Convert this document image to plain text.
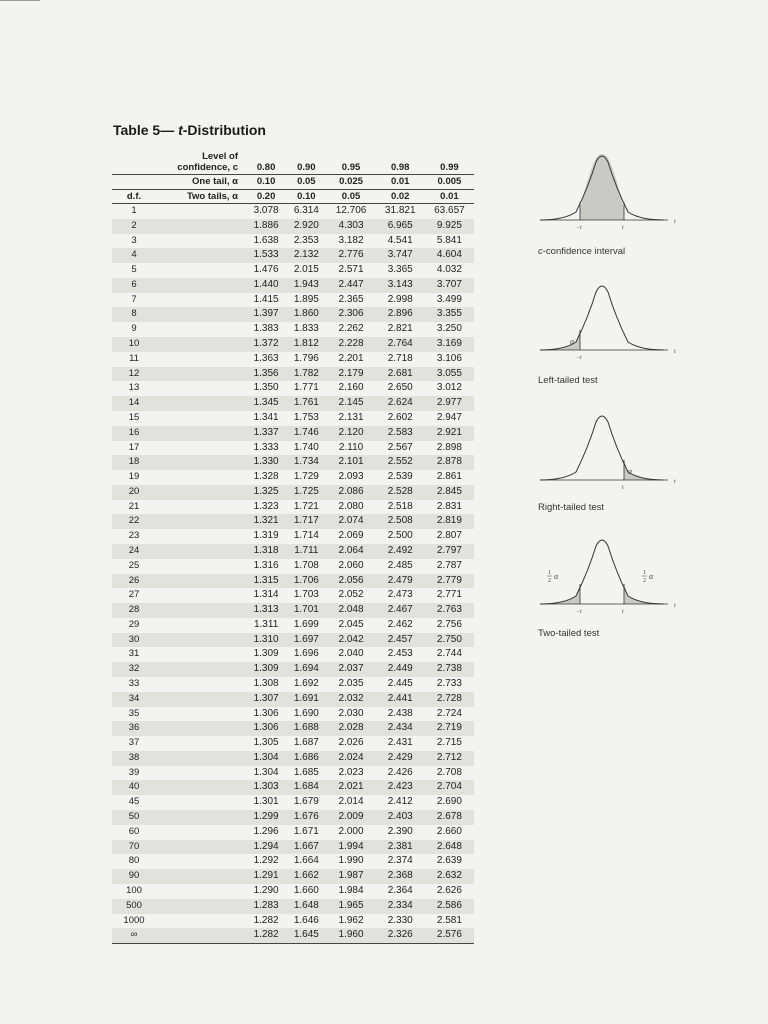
Table 5— t-Distribution
	Level of
confidence, c	0.80	0.90	0.95	0.98	0.99
	One tail, α	0.10	0.05	0.025	0.01	0.005
d.f.	Two tails, α	0.20	0.10	0.05	0.02	0.01
1		3.078	6.314	12.706	31.821	63.657
2		1.886	2.920	4.303	6.965	9.925
3		1.638	2.353	3.182	4.541	5.841
4		1.533	2.132	2.776	3.747	4.604
5		1.476	2.015	2.571	3.365	4.032
6		1.440	1.943	2.447	3.143	3.707
7		1.415	1.895	2.365	2.998	3.499
8		1.397	1.860	2.306	2.896	3.355
9		1.383	1.833	2.262	2.821	3.250
10		1.372	1.812	2.228	2.764	3.169
11		1.363	1.796	2.201	2.718	3.106
12		1.356	1.782	2.179	2.681	3.055
13		1.350	1.771	2.160	2.650	3.012
14		1.345	1.761	2.145	2.624	2.977
15		1.341	1.753	2.131	2.602	2.947
16		1.337	1.746	2.120	2.583	2.921
17		1.333	1.740	2.110	2.567	2.898
18		1.330	1.734	2.101	2.552	2.878
19		1.328	1.729	2.093	2.539	2.861
20		1.325	1.725	2.086	2.528	2.845
21		1.323	1.721	2.080	2.518	2.831
22		1.321	1.717	2.074	2.508	2.819
23		1.319	1.714	2.069	2.500	2.807
24		1.318	1.711	2.064	2.492	2.797
25		1.316	1.708	2.060	2.485	2.787
26		1.315	1.706	2.056	2.479	2.779
27		1.314	1.703	2.052	2.473	2.771
28		1.313	1.701	2.048	2.467	2.763
29		1.311	1.699	2.045	2.462	2.756
30		1.310	1.697	2.042	2.457	2.750
31		1.309	1.696	2.040	2.453	2.744
32		1.309	1.694	2.037	2.449	2.738
33		1.308	1.692	2.035	2.445	2.733
34		1.307	1.691	2.032	2.441	2.728
35		1.306	1.690	2.030	2.438	2.724
36		1.306	1.688	2.028	2.434	2.719
37		1.305	1.687	2.026	2.431	2.715
38		1.304	1.686	2.024	2.429	2.712
39		1.304	1.685	2.023	2.426	2.708
40		1.303	1.684	2.021	2.423	2.704
45		1.301	1.679	2.014	2.412	2.690
50		1.299	1.676	2.009	2.403	2.678
60		1.296	1.671	2.000	2.390	2.660
70		1.294	1.667	1.994	2.381	2.648
80		1.292	1.664	1.990	2.374	2.639
90		1.291	1.662	1.987	2.368	2.632
100		1.290	1.660	1.984	2.364	2.626
500		1.283	1.648	1.965	2.334	2.586
1000		1.282	1.646	1.962	2.330	2.581
∞		1.282	1.645	1.960	2.326	2.576
−t	t
t
c-confidence interval
α
−t
t
Left-tailed test
α
t
t
Right-tailed test
1
2 α	1
2 α
−t	t
t
Two-tailed test
